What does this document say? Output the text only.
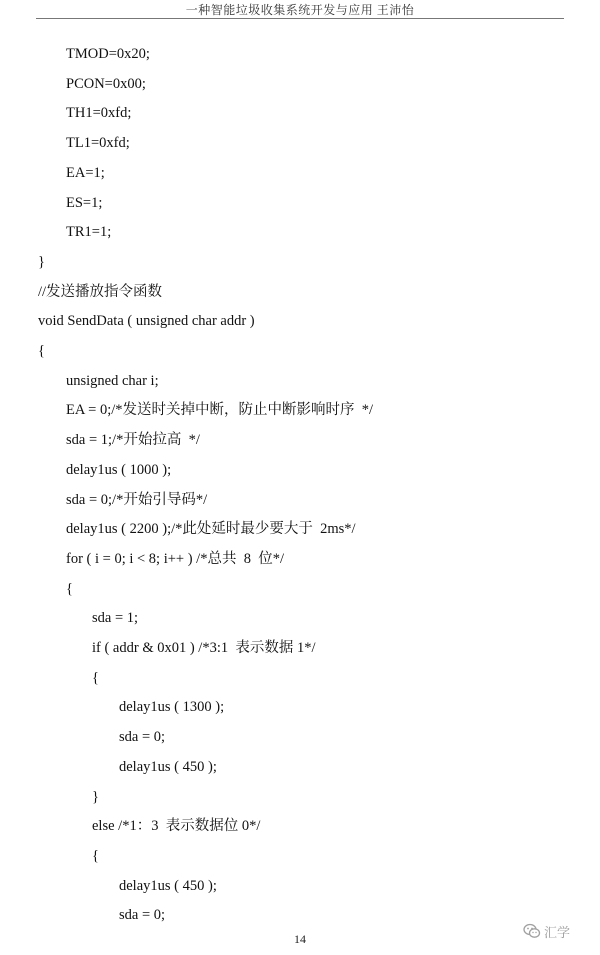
一种智能垃圾收集系统开发与应用 王沛怡
TMOD=0x20;
PCON=0x00;
TH1=0xfd;
TL1=0xfd;
EA=1;
ES=1;
TR1=1;
}
//发送播放指令函数
void SendData ( unsigned char addr )
{
unsigned char i;
EA = 0;/*发送时关掉中断，防止中断影响时序  */
sda = 1;/*开始拉高  */
delay1us ( 1000 );
sda = 0;/*开始引导码*/
delay1us ( 2200 );/*此处延时最少要大于  2ms*/
for ( i = 0; i < 8; i++ ) /*总共  8  位*/
{
sda = 1;
if ( addr & 0x01 ) /*3:1  表示数据 1*/
{
delay1us ( 1300 );
sda = 0;
delay1us ( 450 );
}
else /*1：3  表示数据位 0*/
{
delay1us ( 450 );
sda = 0;
14	汇学
